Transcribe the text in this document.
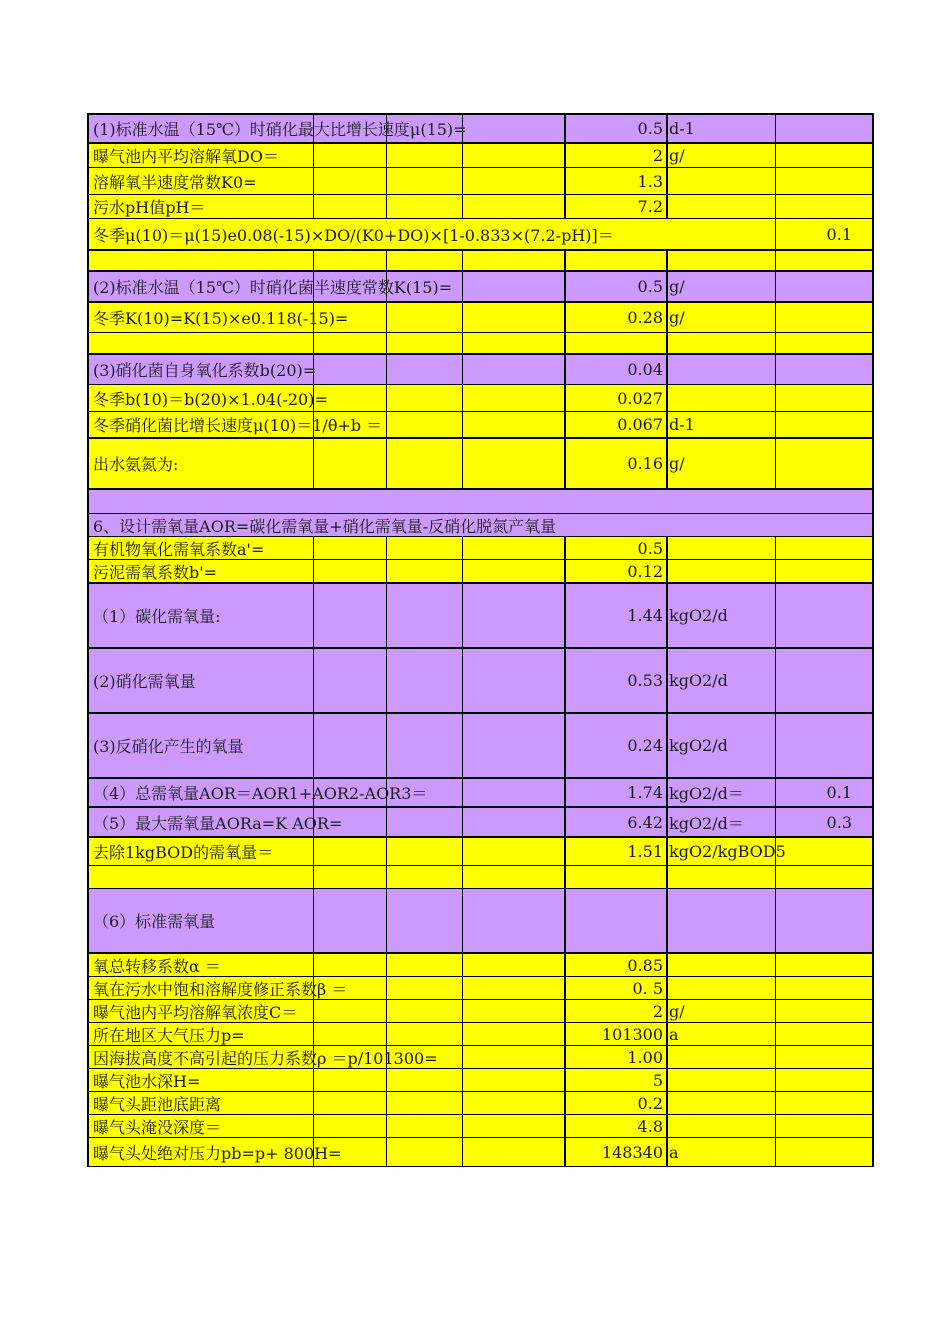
(1)标准水温（15℃）时硝化最大比增长速度μ(15)=	0.5 d-1
曝气池内平均溶解氧DO＝	2 g/
溶解氧半速度常数K0=	1.3
污水pH值pH＝	7.2
冬季μ(10)＝μ(15)e0.08(-15)×DO/(K0+DO)×[1-0.833×(7.2-pH)]＝	0.1
(2)标准水温（15℃）时硝化菌半速度常数K(15)=	0.5 g/
冬季K(10)=K(15)×e0.118(-15)=	0.28 g/
(3)硝化菌自身氧化系数b(20)=	0.04
冬季b(10)＝b(20)×1.04(-20)=	0.027
冬季硝化菌比增长速度μ(10)＝1/θ+b ＝	0.067 d-1
出水氨氮为:	0.16 g/
6、设计需氧量AOR=碳化需氧量+硝化需氧量-反硝化脱氮产氧量
有机物氧化需氧系数a'=	0.5
污泥需氧系数b'=	0.12
（1）碳化需氧量:	1.44 kgO2/d
(2)硝化需氧量	0.53 kgO2/d
(3)反硝化产生的氧量	0.24 kgO2/d
（4）总需氧量AOR＝AOR1+AOR2-AOR3＝	1.74 kgO2/d＝	0.1
（5）最大需氧量AORa=K AOR=	6.42 kgO2/d＝	0.3
去除1kgBOD的需氧量＝	1.51 kgO2/kgBOD5
（6）标准需氧量
氧总转移系数α ＝	0.85
氧在污水中饱和溶解度修正系数β ＝	0. 5
曝气池内平均溶解氧浓度C＝	2 g/
所在地区大气压力p=	101300 a
因海拔高度不高引起的压力系数ρ ＝p/101300=	1.00
曝气池水深H=	5
曝气头距池底距离	0.2
曝气头淹没深度＝	4.8
曝气头处绝对压力pb=p+ 800H=	148340 a
